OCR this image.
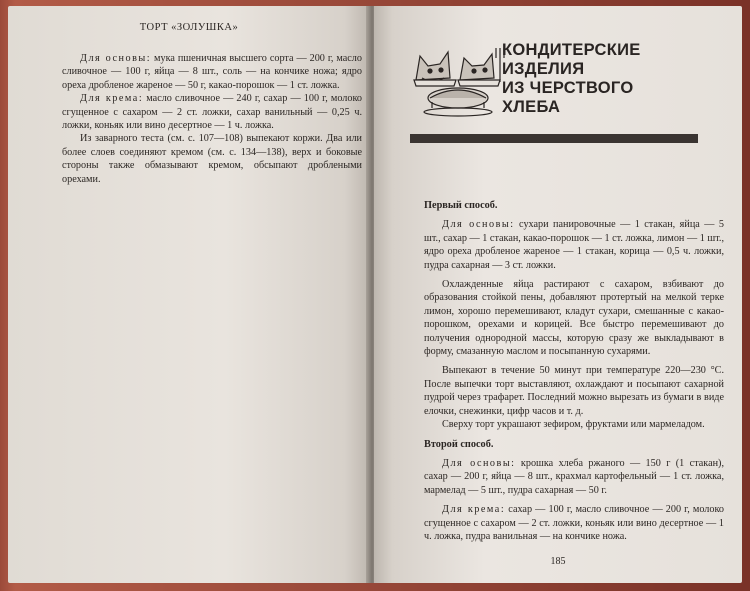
ТОРТ «ЗОЛУШКА»

Для основы: мука пшеничная высшего сорта — 200 г, масло сливочное — 100 г, яйца — 8 шт., соль — на кончике ножа; ядро ореха дробленое жареное — 50 г, какао-порошок — 1 ст. ложка.

Для крема: масло сливочное — 240 г, сахар — 100 г, молоко сгущенное с сахаром — 2 ст. ложки, сахар ванильный — 0,25 ч. ложки, коньяк или вино десертное — 1 ч. ложка.

Из заварного теста (см. с. 107—108) выпекают коржи. Два или более слоев соединяют кремом (см. с. 134—138), верх и боковые стороны также обмазывают кремом, обсыпают дроблеными орехами.

КОНДИТЕРСКИЕ
ИЗДЕЛИЯ
ИЗ ЧЕРСТВОГО
ХЛЕБА
Первый способ.

Для основы: сухари панировочные — 1 стакан, яйца — 5 шт., сахар — 1 стакан, какао-порошок — 1 ст. ложка, лимон — 1 шт., ядро ореха дробленое жареное — 1 стакан, корица — 0,5 ч. ложки, пудра сахарная — 3 ст. ложки.

Охлажденные яйца растирают с сахаром, взбивают до образования стойкой пены, добавляют протертый на мелкой терке лимон, хорошо перемешивают, кладут сухари, смешанные с какао-порошком, орехами и корицей. Все быстро перемешивают до получения однородной массы, которую сразу же выкладывают в форму, смазанную маслом и посыпанную сухарями.

Выпекают в течение 50 минут при температуре 220—230 °С. После выпечки торт выставляют, охлаждают и посыпают сахарной пудрой через трафарет. Последний можно вырезать из бумаги в виде елочки, снежинки, цифр часов и т. д.

Сверху торт украшают зефиром, фруктами или мармеладом.

Второй способ.

Для основы: крошка хлеба ржаного — 150 г (1 стакан), сахар — 200 г, яйца — 8 шт., крахмал картофельный — 1 ст. ложка, мармелад — 5 шт., пудра сахарная — 50 г.

Для крема: сахар — 100 г, масло сливочное — 200 г, молоко сгущенное с сахаром — 2 ст. ложки, коньяк или вино десертное — 1 ч. ложка, пудра ванильная — на кончике ножа.

185
